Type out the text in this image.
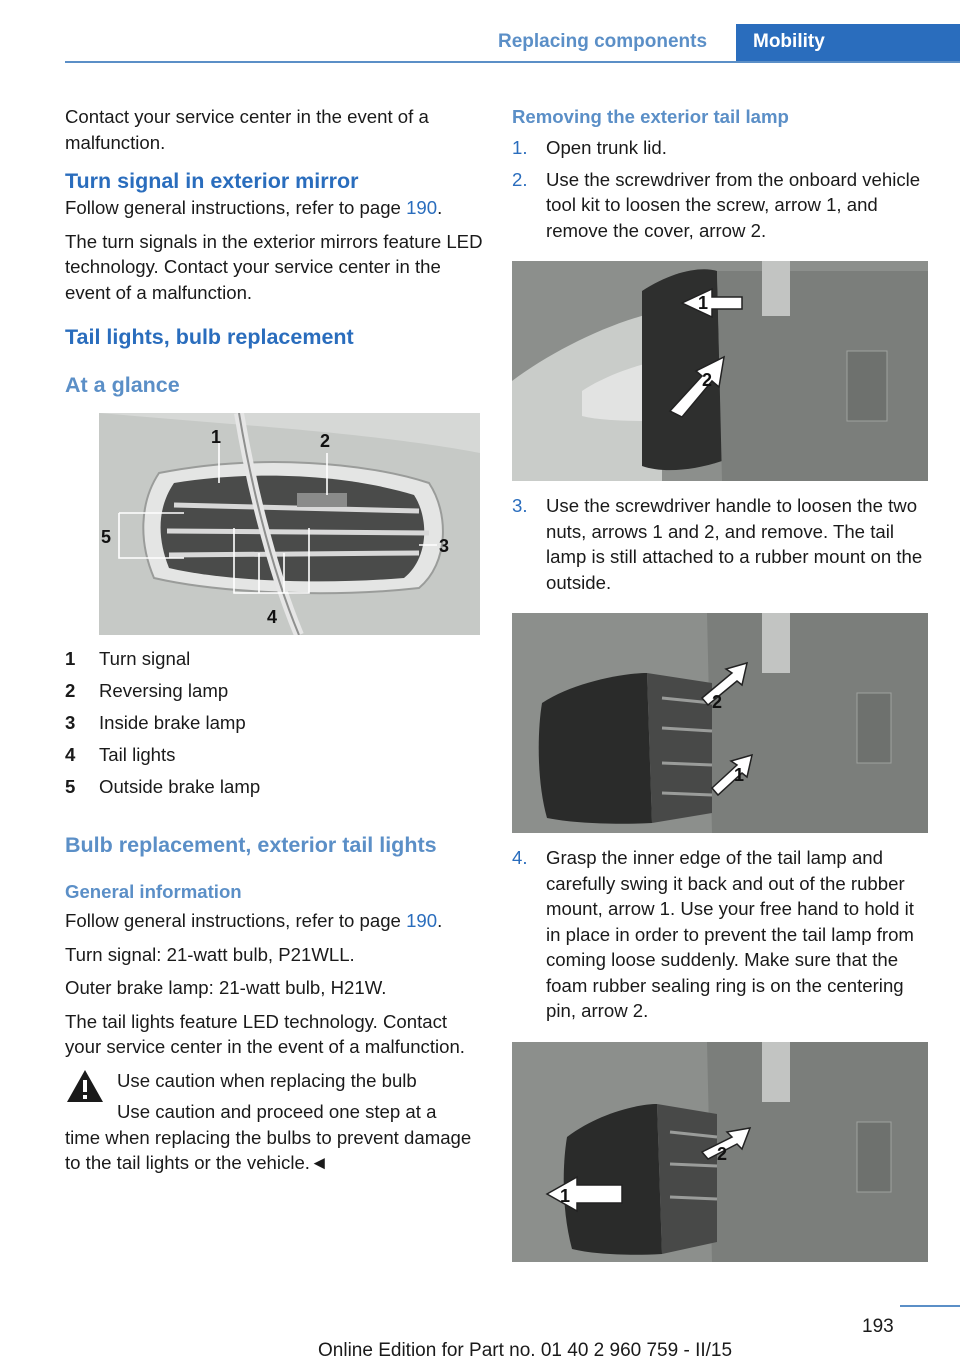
Replacing components	Mobility

Contact your service center in the event of a malfunction.

Turn signal in exterior mirror

Follow general instructions, refer to page 190.

The turn signals in the exterior mirrors feature LED technology. Contact your service center in the event of a malfunction.

Tail lights, bulb replacement
At a glance
1	2
3
4
5
1	Turn signal
2	Reversing lamp
3	Inside brake lamp
4	Tail lights
5	Outside brake lamp
Bulb replacement, exterior tail lights
General information

Follow general instructions, refer to page 190.

Turn signal: 21-watt bulb, P21WLL.

Outer brake lamp: 21-watt bulb, H21W.

The tail lights feature LED technology. Contact your service center in the event of a malfunction.

Use caution when replacing the bulb
Use caution and proceed one step at a
time when replacing the bulbs to prevent damage to the tail lights or the vehicle.◄
Removing the exterior tail lamp
1. Open trunk lid.
2. Use the screwdriver from the onboard vehicle tool kit to loosen the screw, arrow 1, and remove the cover, arrow 2.
1
2
3. Use the screwdriver handle to loosen the two nuts, arrows 1 and 2, and remove. The tail lamp is still attached to a rubber mount on the outside.
2
1
4. Grasp the inner edge of the tail lamp and carefully swing it back and out of the rubber mount, arrow 1. Use your free hand to hold it in place in order to prevent the tail lamp from coming loose suddenly. Make sure that the foam rubber sealing ring is on the centering pin, arrow 2.
2
1
193
Online Edition for Part no. 01 40 2 960 759 - II/15
